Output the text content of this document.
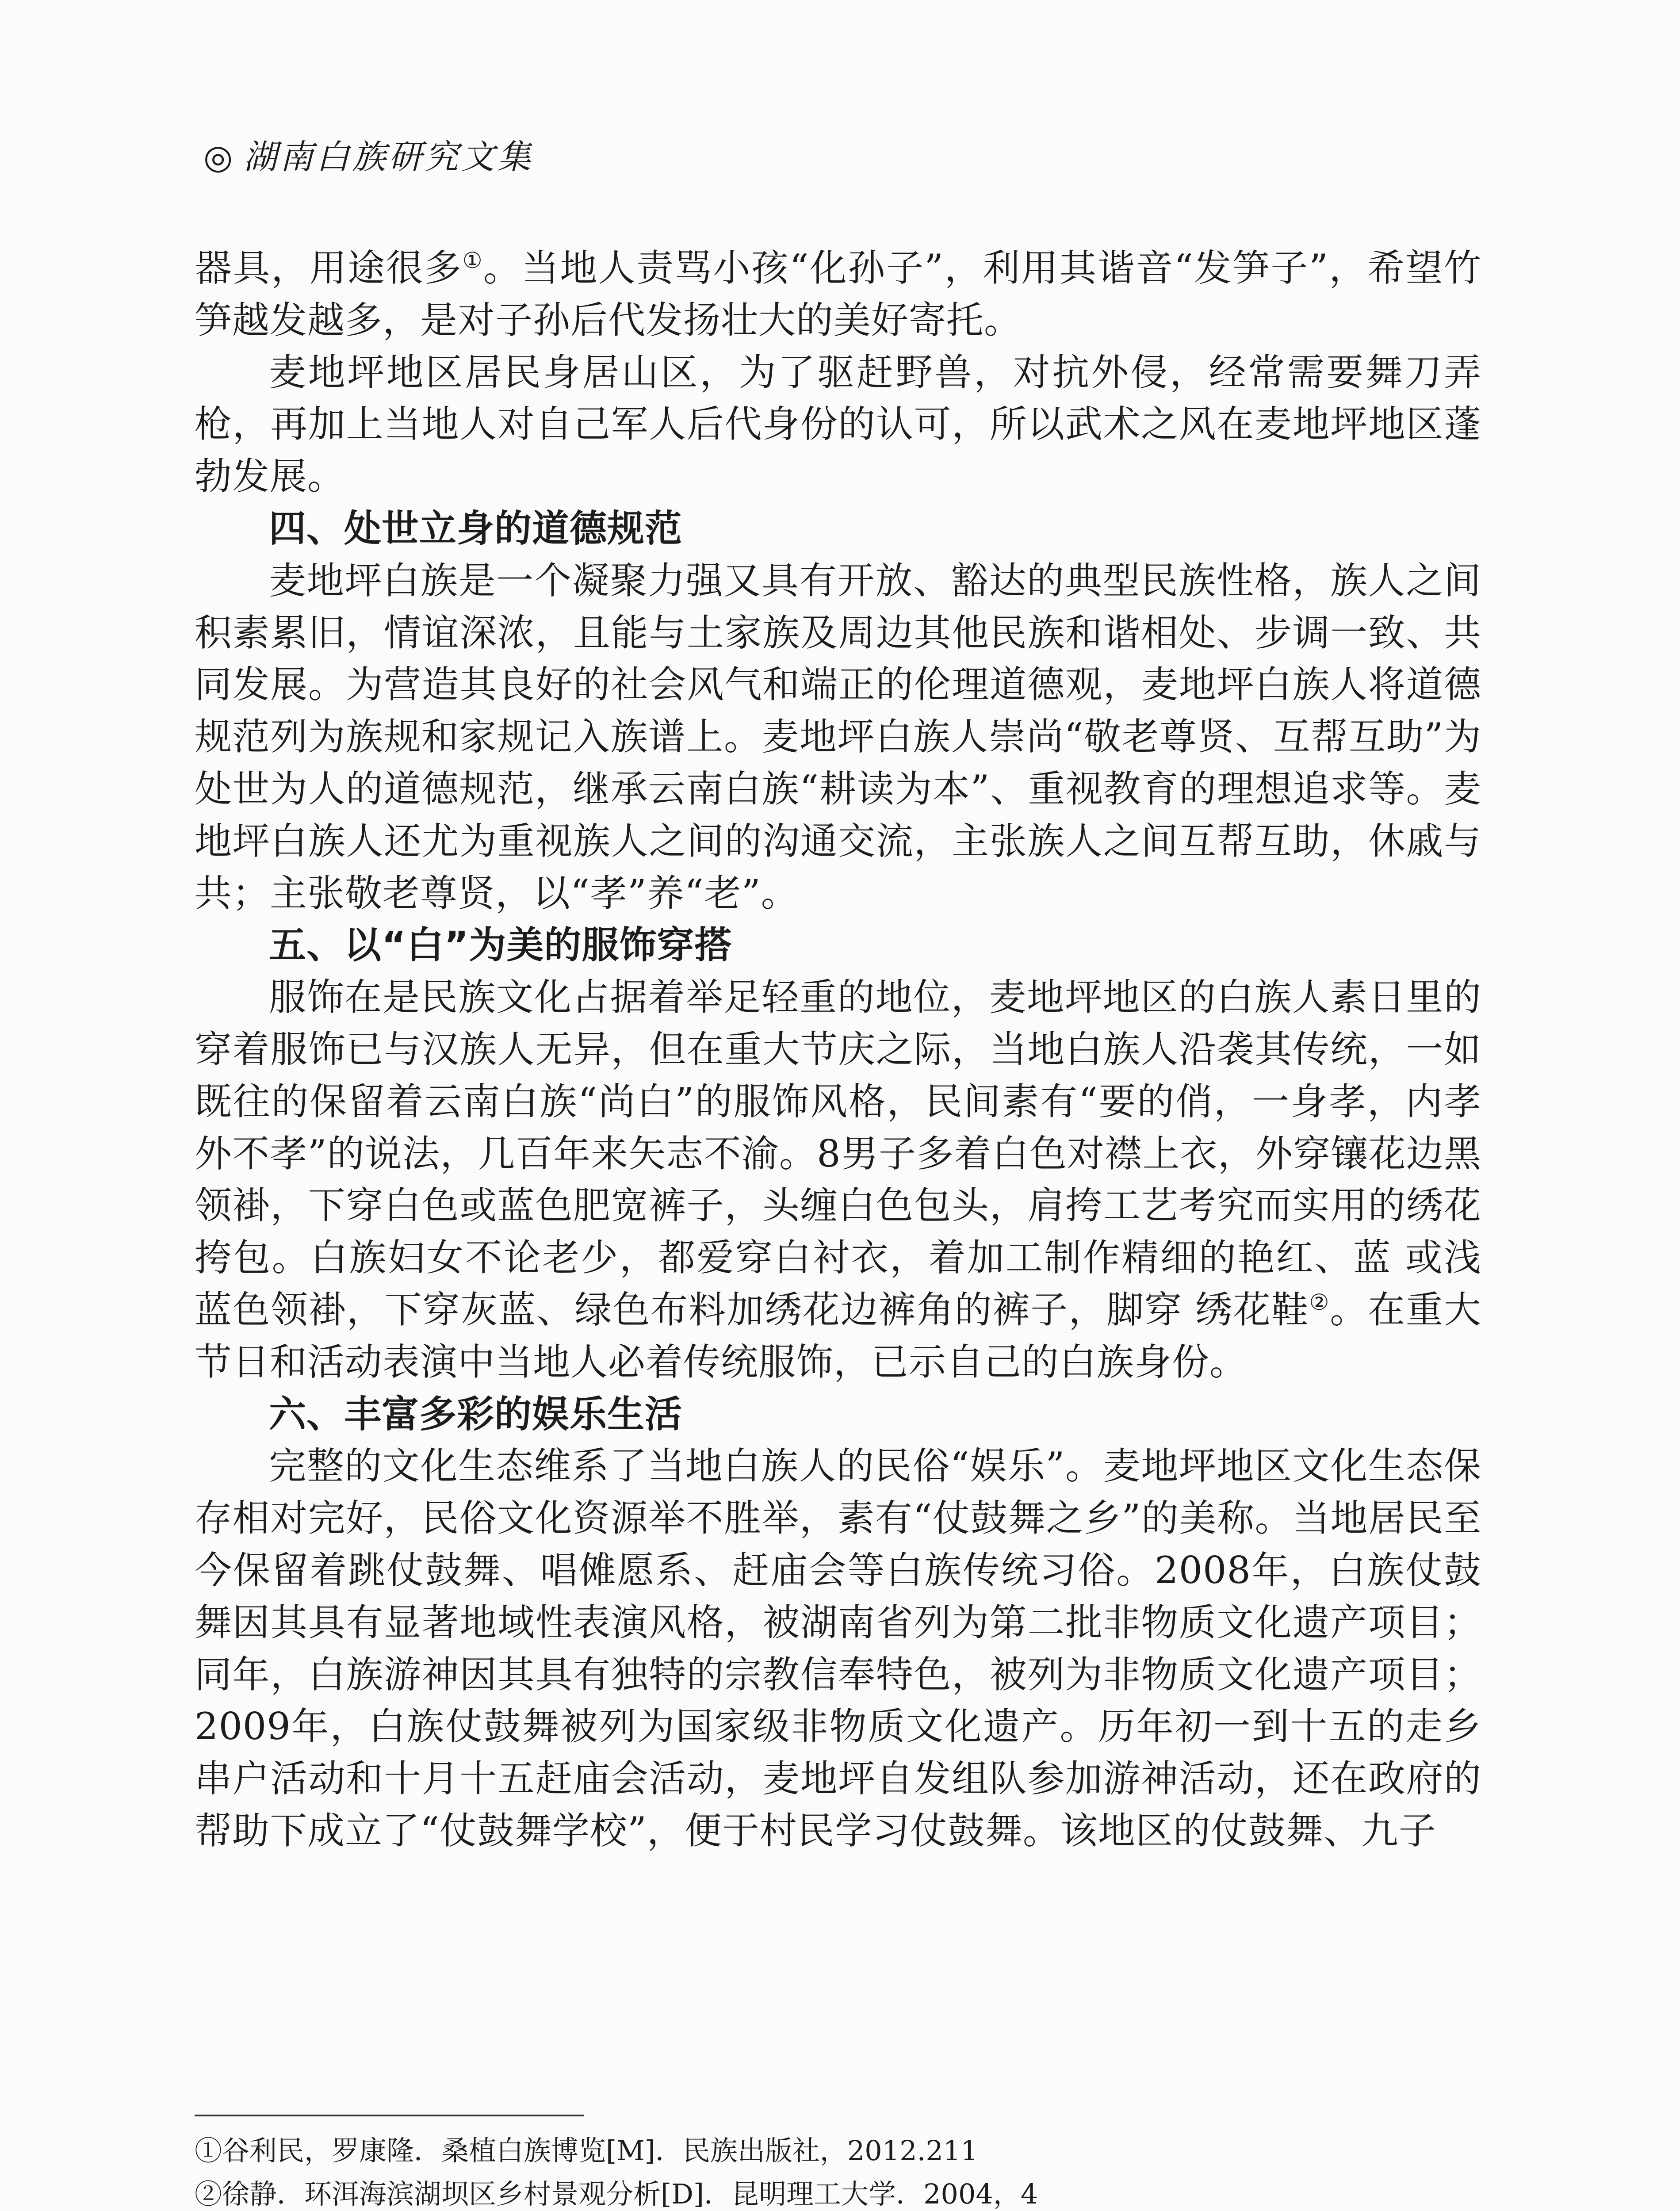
◎ 湖南白族研究文集

器具，用途很多①。当地人责骂小孩“化孙子”，利用其谐音“发笋子”，希望竹笋越发越多，是对子孙后代发扬壮大的美好寄托。

麦地坪地区居民身居山区，为了驱赶野兽，对抗外侵，经常需要舞刀弄枪，再加上当地人对自己军人后代身份的认可，所以武术之风在麦地坪地区蓬勃发展。

四、处世立身的道德规范

麦地坪白族是一个凝聚力强又具有开放、豁达的典型民族性格，族人之间积素累旧，情谊深浓，且能与土家族及周边其他民族和谐相处、步调一致、共同发展。为营造其良好的社会风气和端正的伦理道德观，麦地坪白族人将道德规范列为族规和家规记入族谱上。麦地坪白族人崇尚“敬老尊贤、互帮互助”为处世为人的道德规范，继承云南白族“耕读为本”、重视教育的理想追求等。麦地坪白族人还尤为重视族人之间的沟通交流，主张族人之间互帮互助，休戚与共；主张敬老尊贤，以“孝”养“老”。

五、以“白”为美的服饰穿搭

服饰在是民族文化占据着举足轻重的地位，麦地坪地区的白族人素日里的穿着服饰已与汉族人无异，但在重大节庆之际，当地白族人沿袭其传统，一如既往的保留着云南白族“尚白”的服饰风格，民间素有“要的俏，一身孝，内孝外不孝”的说法，几百年来矢志不渝。8男子多着白色对襟上衣，外穿镶花边黑领褂，下穿白色或蓝色肥宽裤子，头缠白色包头，肩挎工艺考究而实用的绣花挎包。白族妇女不论老少，都爱穿白衬衣，着加工制作精细的艳红、蓝 或浅蓝色领褂，下穿灰蓝、绿色布料加绣花边裤角的裤子，脚穿 绣花鞋②。在重大节日和活动表演中当地人必着传统服饰，已示自己的白族身份。

六、丰富多彩的娱乐生活

完整的文化生态维系了当地白族人的民俗“娱乐”。麦地坪地区文化生态保存相对完好，民俗文化资源举不胜举，素有“仗鼓舞之乡”的美称。当地居民至今保留着跳仗鼓舞、唱傩愿系、赶庙会等白族传统习俗。2008年，白族仗鼓舞因其具有显著地域性表演风格，被湖南省列为第二批非物质文化遗产项目；同年，白族游神因其具有独特的宗教信奉特色，被列为非物质文化遗产项目；2009年，白族仗鼓舞被列为国家级非物质文化遗产。历年初一到十五的走乡串户活动和十月十五赶庙会活动，麦地坪自发组队参加游神活动，还在政府的帮助下成立了“仗鼓舞学校”，便于村民学习仗鼓舞。该地区的仗鼓舞、九子

①谷利民，罗康隆．桑植白族博览[M]．民族出版社，2012.211
②徐静．环洱海滨湖坝区乡村景观分析[D]．昆明理工大学．2004，4
